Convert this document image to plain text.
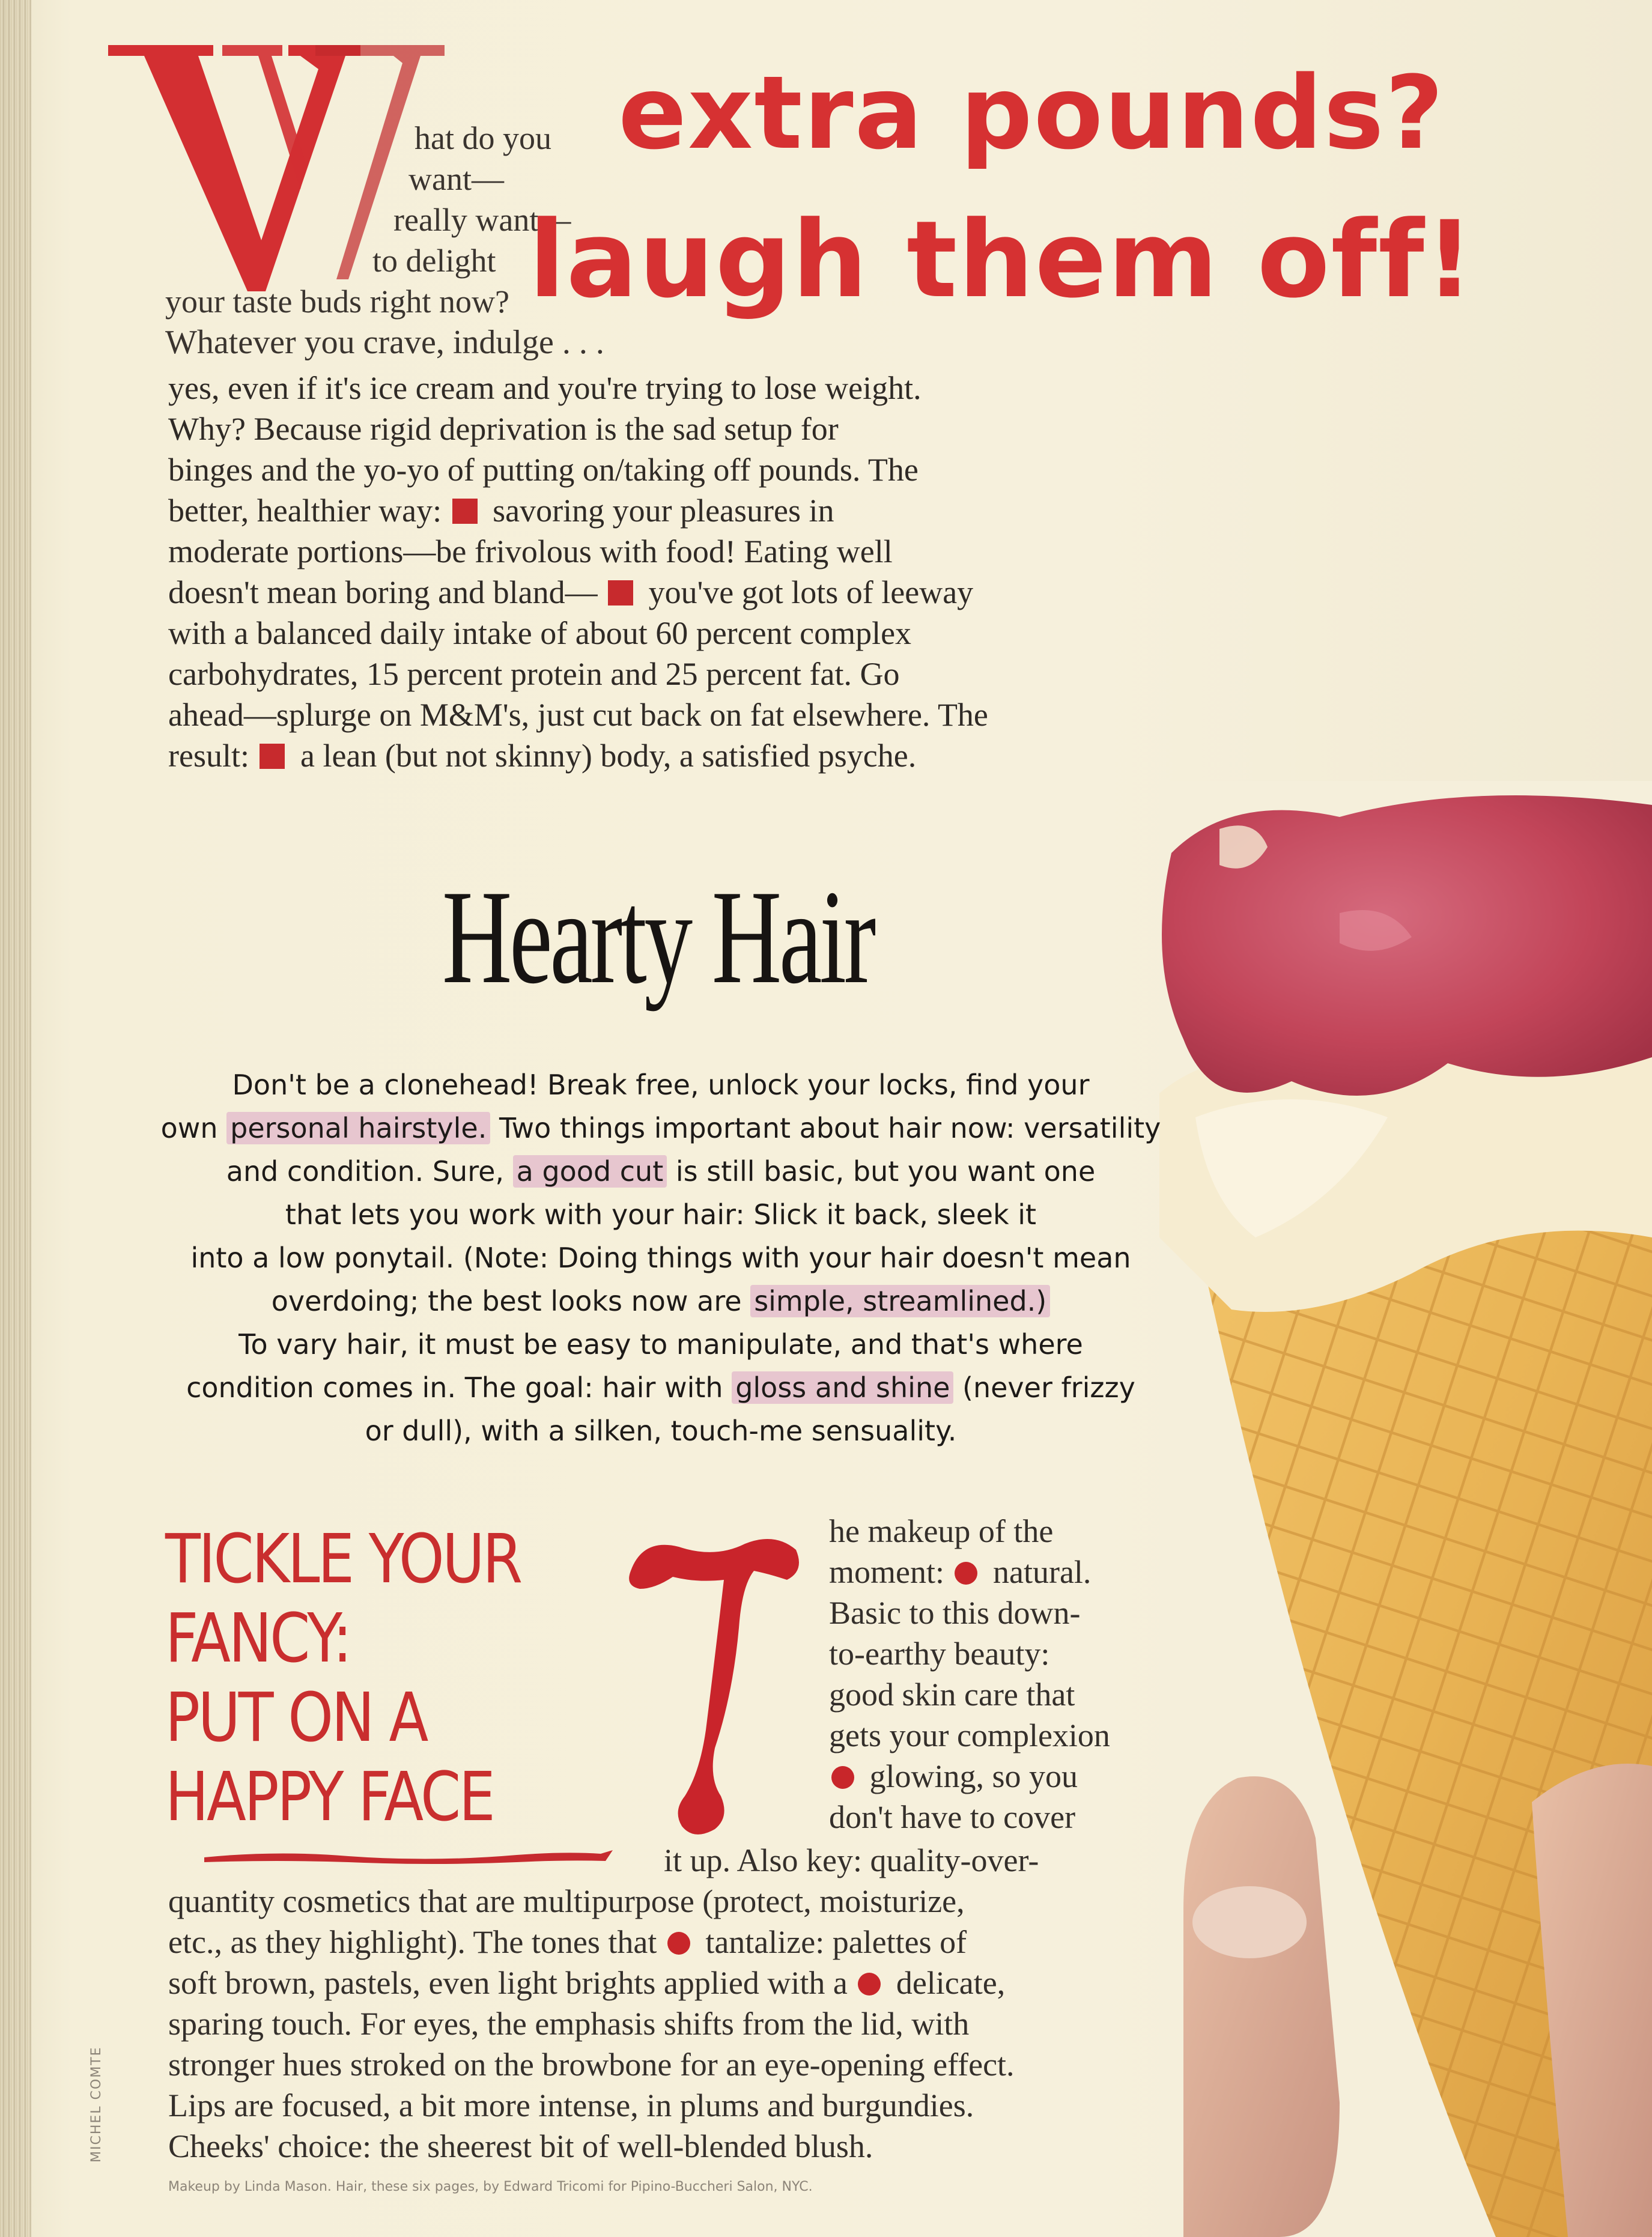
hat do you
want—
really want—
to delight
your taste buds right now?
Whatever you crave, indulge . . .
extra pounds?
laugh them off!
yes, even if it's ice cream and you're trying to lose weight.
Why? Because rigid deprivation is the sad setup for
binges and the yo-yo of putting on/taking off pounds. The
better, healthier way: savoring your pleasures in
moderate portions—be frivolous with food! Eating well
doesn't mean boring and bland— you've got lots of leeway
with a balanced daily intake of about 60 percent complex
carbohydrates, 15 percent protein and 25 percent fat. Go
ahead—splurge on M&M's, just cut back on fat elsewhere. The
result: a lean (but not skinny) body, a satisfied psyche.
Hearty Hair
Don't be a clonehead! Break free, unlock your locks, find your
own personal hairstyle. Two things important about hair now: versatility
and condition. Sure, a good cut is still basic, but you want one
that lets you work with your hair: Slick it back, sleek it
into a low ponytail. (Note: Doing things with your hair doesn't mean
overdoing; the best looks now are simple, streamlined.)
To vary hair, it must be easy to manipulate, and that's where
condition comes in. The goal: hair with gloss and shine (never frizzy
or dull), with a silken, touch-me sensuality.
TICKLE YOUR
FANCY:
PUT ON A
HAPPY FACE
he makeup of the
moment: natural.
Basic to this down-
to-earthy beauty:
good skin care that
gets your complexion
glowing, so you
don't have to cover
it up. Also key: quality-over-
quantity cosmetics that are multipurpose (protect, moisturize,
etc., as they highlight). The tones that tantalize: palettes of
soft brown, pastels, even light brights applied with a delicate,
sparing touch. For eyes, the emphasis shifts from the lid, with
stronger hues stroked on the browbone for an eye-opening effect.
Lips are focused, a bit more intense, in plums and burgundies.
Cheeks' choice: the sheerest bit of well-blended blush.
Makeup by Linda Mason. Hair, these six pages, by Edward Tricomi for Pipino-Buccheri Salon, NYC.
MICHEL COMTE
